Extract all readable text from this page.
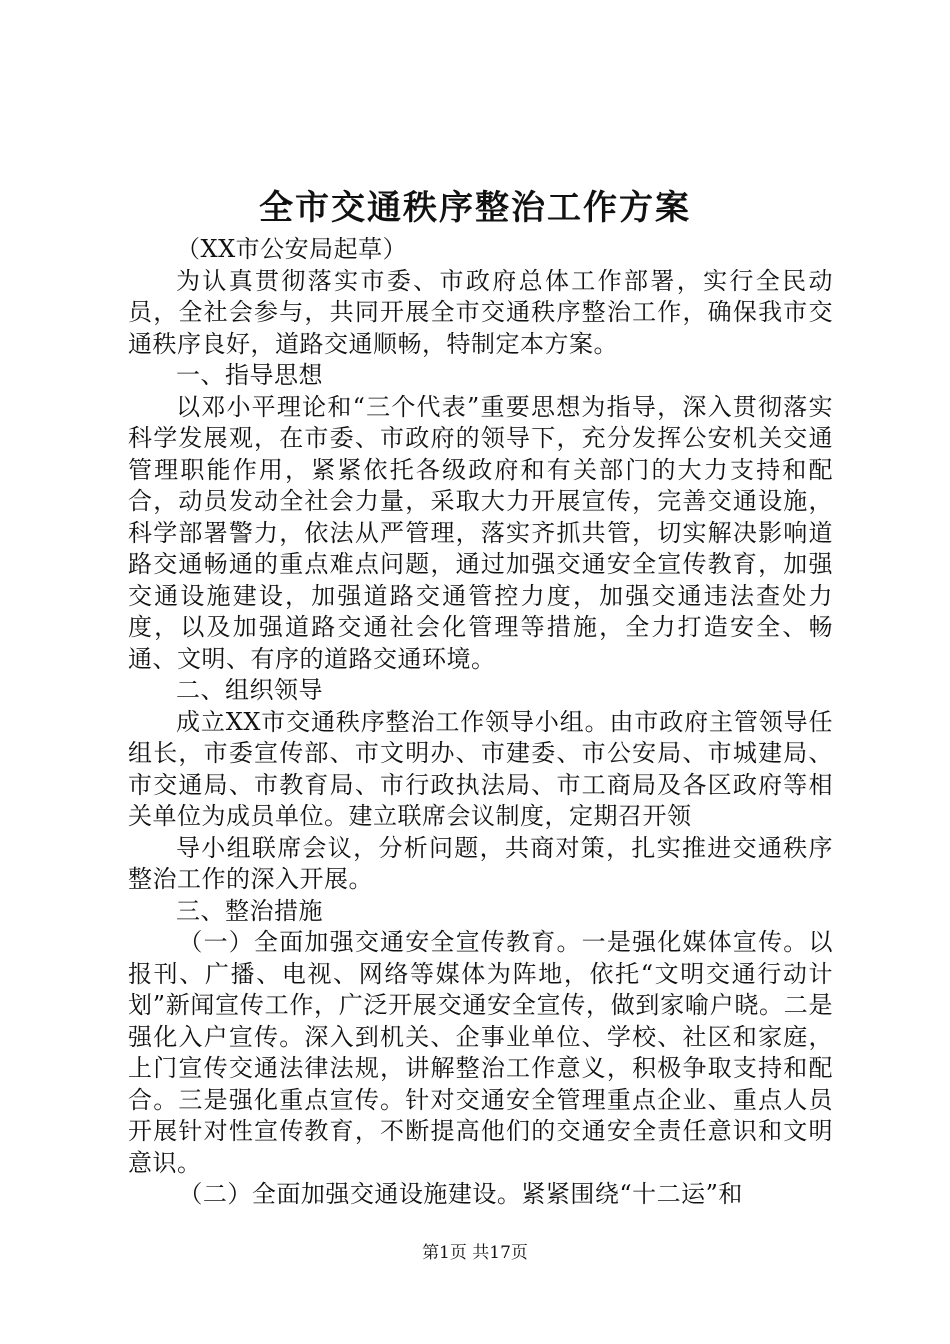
全市交通秩序整治工作方案

（XX市公安局起草）

为认真贯彻落实市委、市政府总体工作部署，实行全民动员，全社会参与，共同开展全市交通秩序整治工作，确保我市交通秩序良好，道路交通顺畅，特制定本方案。

一、指导思想

以邓小平理论和“三个代表”重要思想为指导，深入贯彻落实科学发展观，在市委、市政府的领导下，充分发挥公安机关交通管理职能作用，紧紧依托各级政府和有关部门的大力支持和配合，动员发动全社会力量，采取大力开展宣传，完善交通设施，科学部署警力，依法从严管理，落实齐抓共管，切实解决影响道路交通畅通的重点难点问题，通过加强交通安全宣传教育，加强交通设施建设，加强道路交通管控力度，加强交通违法查处力度，以及加强道路交通社会化管理等措施，全力打造安全、畅通、文明、有序的道路交通环境。

二、组织领导

成立XX市交通秩序整治工作领导小组。由市政府主管领导任组长，市委宣传部、市文明办、市建委、市公安局、市城建局、市交通局、市教育局、市行政执法局、市工商局及各区政府等相关单位为成员单位。建立联席会议制度，定期召开领

导小组联席会议，分析问题，共商对策，扎实推进交通秩序整治工作的深入开展。

三、整治措施

（一）全面加强交通安全宣传教育。一是强化媒体宣传。以报刊、广播、电视、网络等媒体为阵地，依托“文明交通行动计划”新闻宣传工作，广泛开展交通安全宣传，做到家喻户晓。二是强化入户宣传。深入到机关、企事业单位、学校、社区和家庭，上门宣传交通法律法规，讲解整治工作意义，积极争取支持和配合。三是强化重点宣传。针对交通安全管理重点企业、重点人员开展针对性宣传教育，不断提高他们的交通安全责任意识和文明意识。

（二）全面加强交通设施建设。紧紧围绕“十二运”和

第1页 共17页
